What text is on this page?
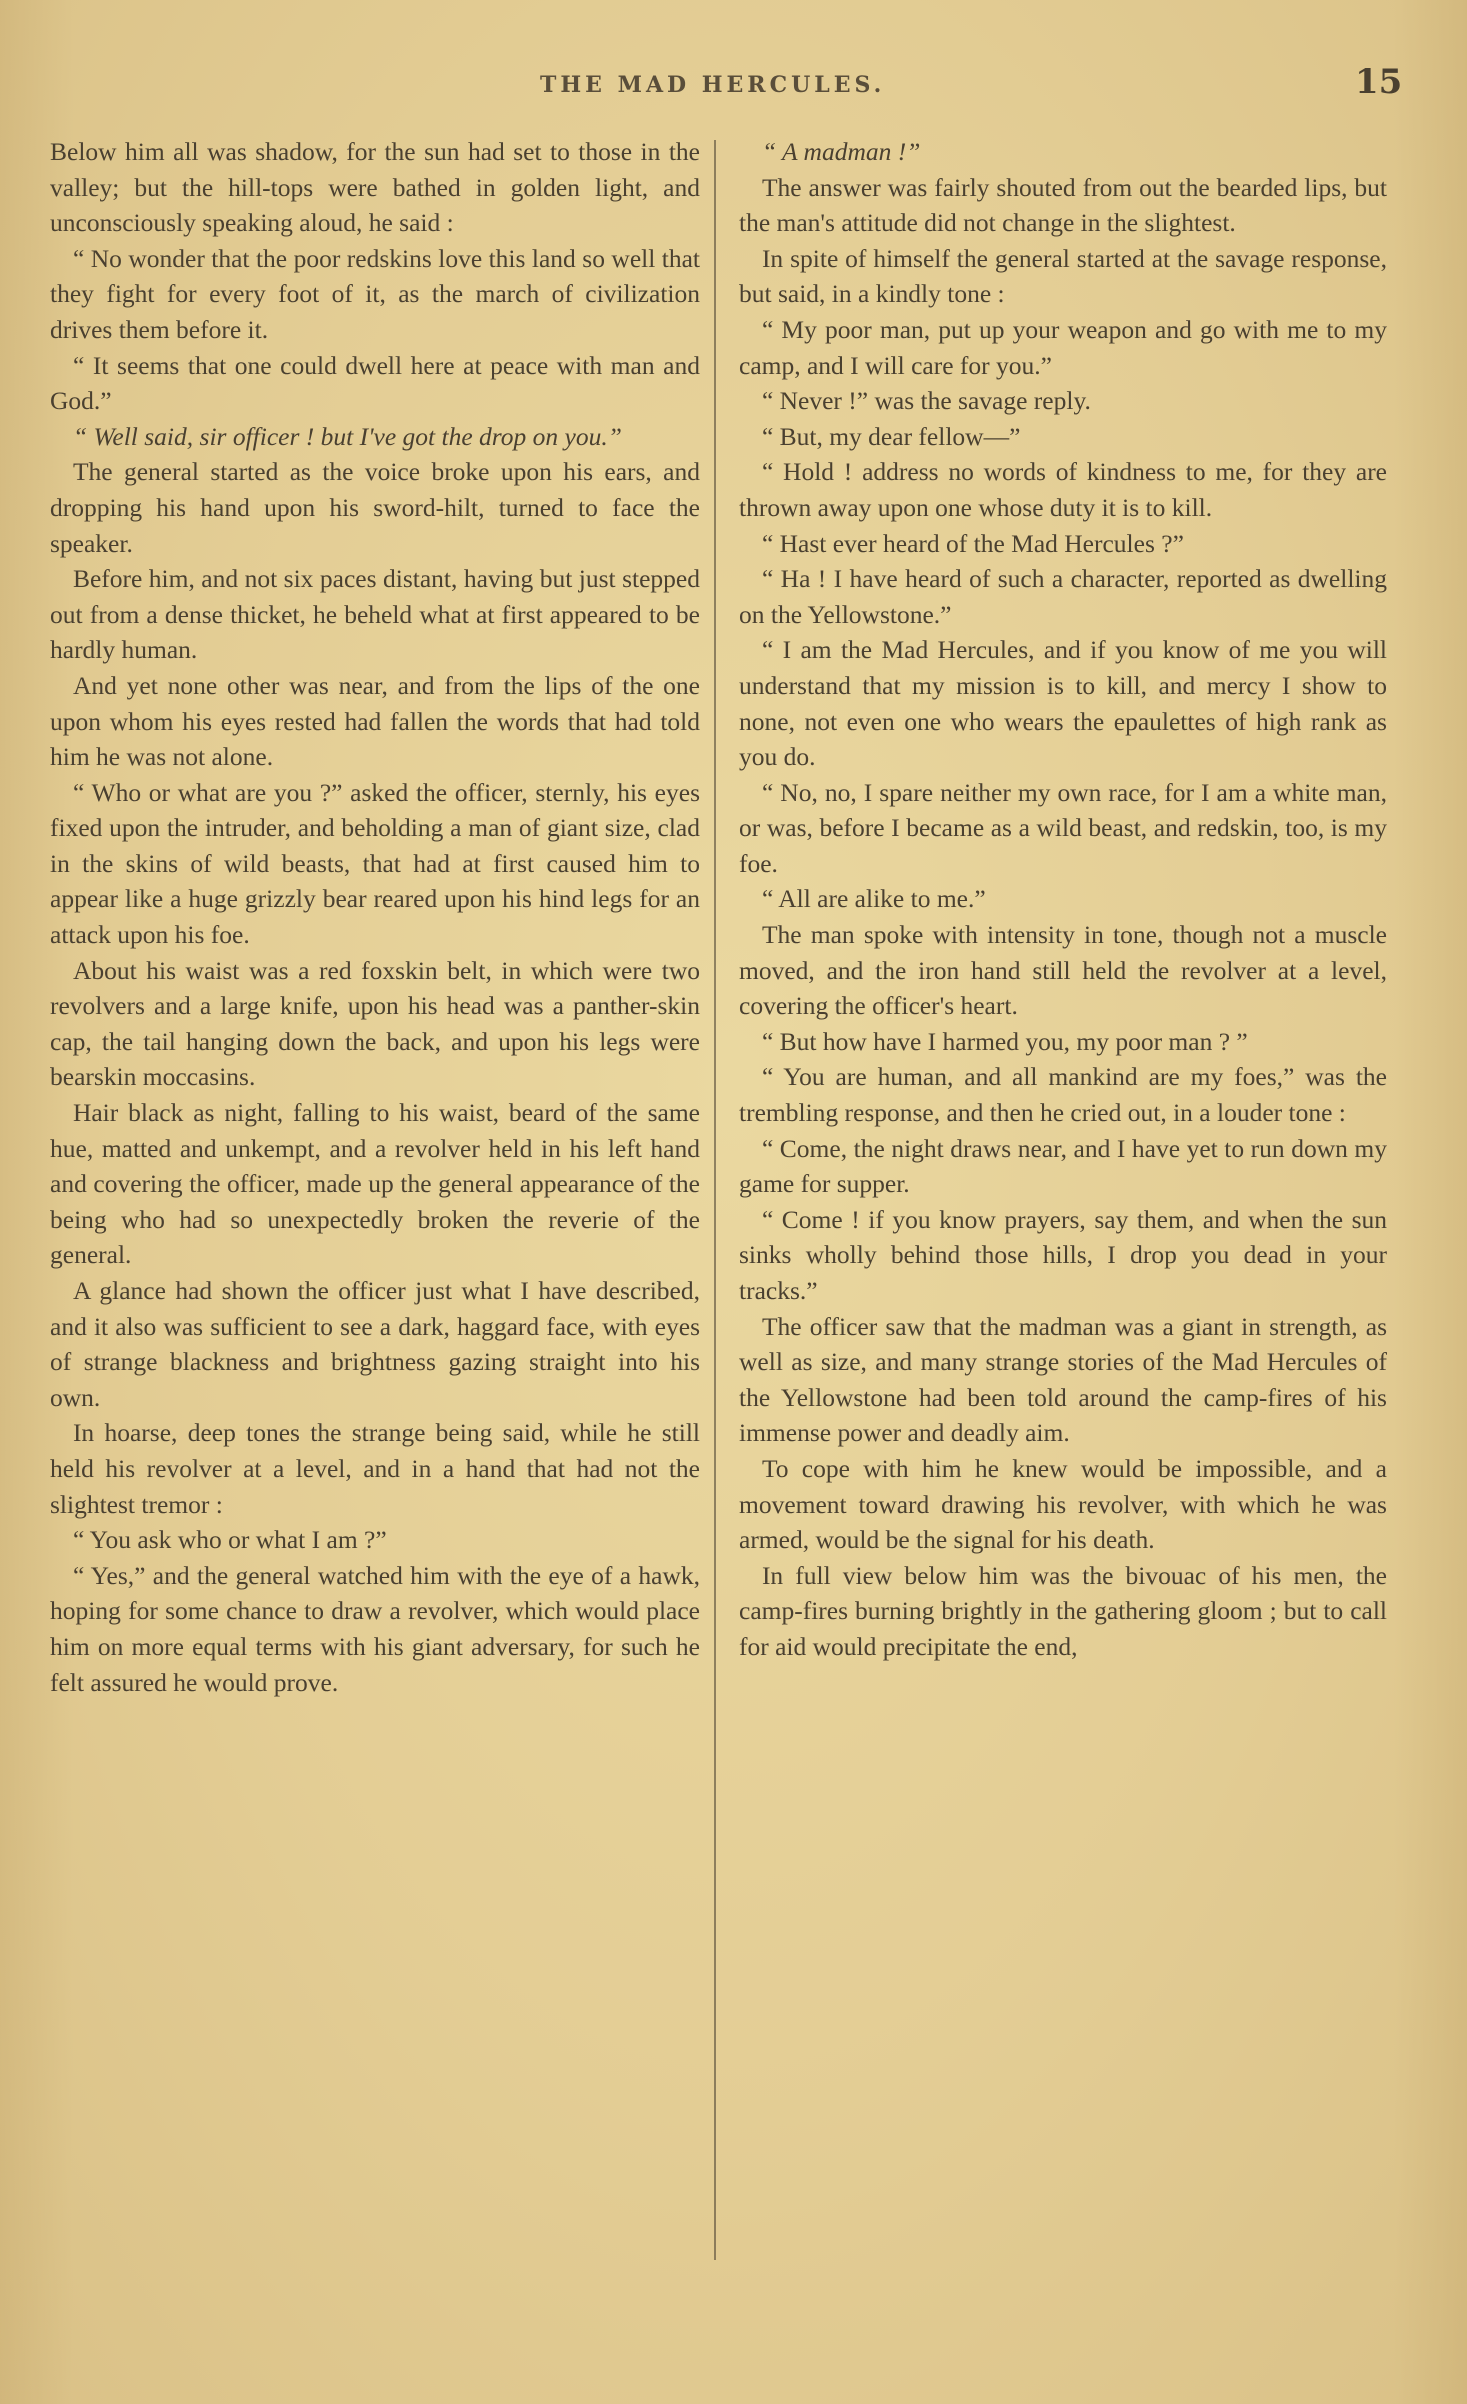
THE MAD HERCULES.	15

Below him all was shadow, for the sun had set to those in the valley; but the hill-tops were bathed in golden light, and unconsciously speaking aloud, he said :

“ No wonder that the poor redskins love this land so well that they fight for every foot of it, as the march of civilization drives them before it.

“ It seems that one could dwell here at peace with man and God.”

“ Well said, sir officer ! but I've got the drop on you.”

The general started as the voice broke upon his ears, and dropping his hand upon his sword-hilt, turned to face the speaker.

Before him, and not six paces distant, having but just stepped out from a dense thicket, he beheld what at first appeared to be hardly human.

And yet none other was near, and from the lips of the one upon whom his eyes rested had fallen the words that had told him he was not alone.

“ Who or what are you ?” asked the officer, sternly, his eyes fixed upon the intruder, and beholding a man of giant size, clad in the skins of wild beasts, that had at first caused him to appear like a huge grizzly bear reared upon his hind legs for an attack upon his foe.

About his waist was a red foxskin belt, in which were two revolvers and a large knife, upon his head was a panther-skin cap, the tail hanging down the back, and upon his legs were bearskin moccasins.

Hair black as night, falling to his waist, beard of the same hue, matted and unkempt, and a revolver held in his left hand and covering the officer, made up the general appearance of the being who had so unexpectedly broken the reverie of the general.

A glance had shown the officer just what I have described, and it also was sufficient to see a dark, haggard face, with eyes of strange blackness and brightness gazing straight into his own.

In hoarse, deep tones the strange being said, while he still held his revolver at a level, and in a hand that had not the slightest tremor :

“ You ask who or what I am ?”

“ Yes,” and the general watched him with the eye of a hawk, hoping for some chance to draw a revolver, which would place him on more equal terms with his giant adversary, for such he felt assured he would prove.

“ A madman !”

The answer was fairly shouted from out the bearded lips, but the man's attitude did not change in the slightest.

In spite of himself the general started at the savage response, but said, in a kindly tone :

“ My poor man, put up your weapon and go with me to my camp, and I will care for you.”

“ Never !” was the savage reply.

“ But, my dear fellow—”

“ Hold ! address no words of kindness to me, for they are thrown away upon one whose duty it is to kill.

“ Hast ever heard of the Mad Hercules ?”

“ Ha ! I have heard of such a character, reported as dwelling on the Yellowstone.”

“ I am the Mad Hercules, and if you know of me you will understand that my mission is to kill, and mercy I show to none, not even one who wears the epaulettes of high rank as you do.

“ No, no, I spare neither my own race, for I am a white man, or was, before I became as a wild beast, and redskin, too, is my foe.

“ All are alike to me.”

The man spoke with intensity in tone, though not a muscle moved, and the iron hand still held the revolver at a level, covering the officer's heart.

“ But how have I harmed you, my poor man ? ”

“ You are human, and all mankind are my foes,” was the trembling response, and then he cried out, in a louder tone :

“ Come, the night draws near, and I have yet to run down my game for supper.

“ Come ! if you know prayers, say them, and when the sun sinks wholly behind those hills, I drop you dead in your tracks.”

The officer saw that the madman was a giant in strength, as well as size, and many strange stories of the Mad Hercules of the Yellowstone had been told around the camp-fires of his immense power and deadly aim.

To cope with him he knew would be impossible, and a movement toward drawing his revolver, with which he was armed, would be the signal for his death.

In full view below him was the bivouac of his men, the camp-fires burning brightly in the gathering gloom ; but to call for aid would precipitate the end,
